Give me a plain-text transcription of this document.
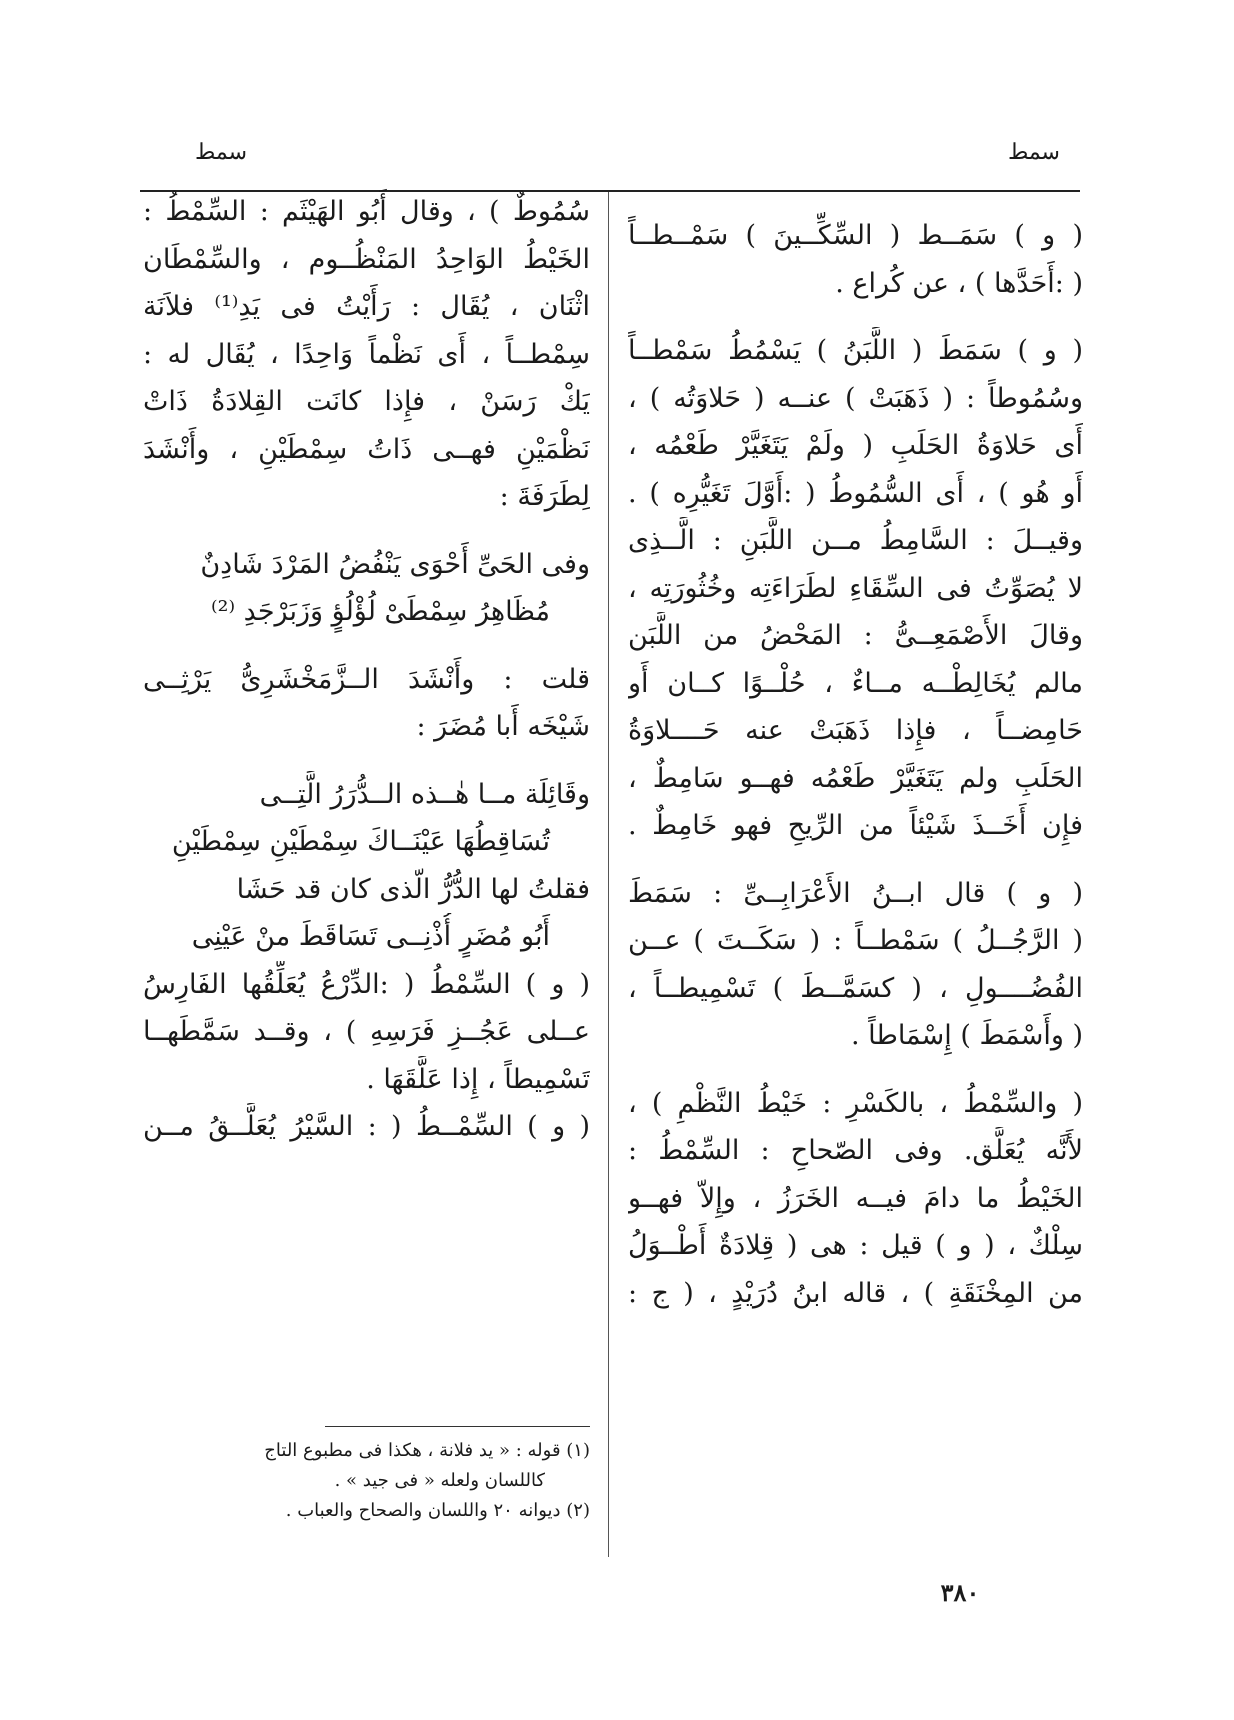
سمط
سمط
( و ) سَمَــط ( السِّكِّــينَ ) سَمْــطــاً
( :أَحَدَّها ) ، عن كُراع .
( و ) سَمَطَ ( اللَّبَنُ ) يَسْمُطُ سَمْطــاً
وسُمُوطاً : ( ذَهَبَتْ ) عنــه ( حَلاوَتُه ) ،
أَى حَلاوَةُ الحَلَبِ ( ولَمْ يَتَغَيَّرْ طَعْمُه ،
أَو هُو ) ، أَى السُّمُوطُ ( :أَوَّلَ تَغَيُّرِه ) .
وقيــلَ : السَّامِطُ مــن اللَّبَنِ : الَّــذِى
لا يُصَوِّتُ فى السِّقَاءِ لطَرَاءَتِه وخُثُورَتِه ،
وقالَ الأَصْمَعِــىُّ : المَحْضُ من اللَّبَن
مالم يُخَالِطْــه مــاءٌ ، حُلْــوًا كــان أَو
حَامِضــاً ، فإِذا ذَهَبَتْ عنه حَــــلاوَةُ
الحَلَبِ ولم يَتَغَيَّرْ طَعْمُه فهــو سَامِطٌ ،
فإِن أَخَــذَ شَيْئاً من الرِّيحِ فهو خَامِطٌ .
( و ) قال ابــنُ الأَعْرَابِــىِّ : سَمَطَ
( الرَّجُــلُ ) سَمْطــاً : ( سَكَــتَ ) عــن
الفُضُــــولِ ، ( كسَمَّــطَ ) تَسْمِيطــاً ،
( وأَسْمَطَ ) إِسْمَاطاً .
( والسِّمْطُ ، بالكَسْرِ : خَيْطُ النَّظْمِ ) ،
لأَنَّه يُعَلَّق. وفى الصّحاحِ : السِّمْطُ :
الخَيْطُ ما دامَ فيــه الخَرَزُ ، وإِلاّ فهــو
سِلْكٌ ، ( و ) قيل : هى ( قِلادَةٌ أَطْــوَلُ
من المِخْنَقَةِ ) ، قاله ابنُ دُرَيْدٍ ، ( ج :
سُمُوطٌ ) ، وقال أَبُو الهَيْثَم : السِّمْطُ :
الخَيْطُ الوَاحِدُ المَنْظُــوم ، والسِّمْطَان
اثْنَان ، يُقَال : رَأَيْتُ فى يَدِ⁽¹⁾ فلاَنَة
سِمْطــاً ، أَى نَظْماً وَاحِدًا ، يُقَال له :
يَكْ رَسَنْ ، فإِذا كانَت القِلادَةُ ذَاتْ
نَظْمَيْنِ فهــى ذَاتُ سِمْطَيْنِ ، وأَنْشَدَ
لِطَرَفَةَ :
وفى الحَىِّ أَحْوَى يَنْفُضُ المَرْدَ شَادِنٌ
مُظَاهِرُ سِمْطَىْ لُؤْلُؤٍ وَزَبَرْجَدِ ⁽²⁾
قلت : وأَنْشَدَ الــزَّمَخْشَرِىُّ يَرْثِــى
شَيْخَه أَبا مُضَرَ :
وقَائِلَة مــا هٰــذه الــدُّرَرُ الَّتِــى
تُسَاقِطُهَا عَيْنَــاكَ سِمْطَيْنِ سِمْطَيْنِ
فقلتُ لها الدُّرُّ الّذى كان قد حَشَا
أَبُو مُضَرٍ أُذْنِــى تَسَاقَطَ منْ عَيْنِى
( و ) السِّمْطُ ( :الدِّرْعُ يُعَلِّقُها الفَارِسُ
عــلى عَجُــزِ فَرَسِهِ ) ، وقــد سَمَّطَهــا
تَسْمِيطاً ، إِذا عَلَّقَهَا .
( و ) السِّمْــطُ ( : السَّيْرُ يُعَلَّــقُ مــن
(١) قوله : « يد فلانة ، هكذا فى مطبوع التاج
كاللسان ولعله « فى جيد » .
(٢) ديوانه ٢٠ واللسان والصحاح والعباب .
٣٨٠
